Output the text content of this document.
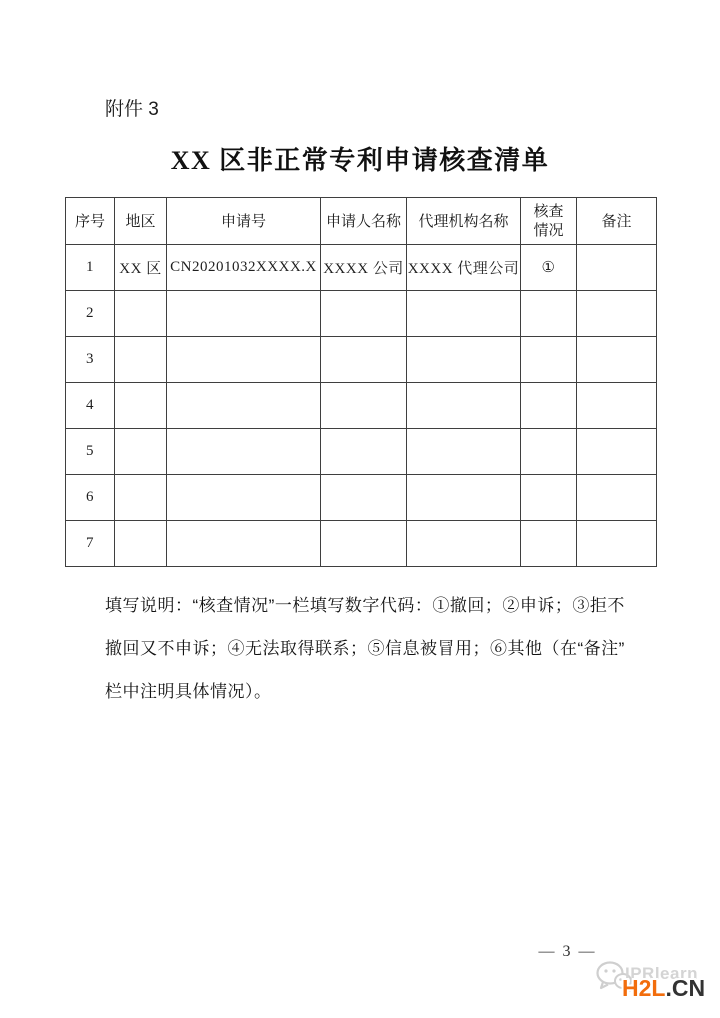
附件 3
XX 区非正常专利申请核查清单
序号	地区	申请号	申请人名称	代理机构名称	核查情况	备注
1	XX 区	CN20201032XXXX.X	XXXX 公司	XXXX 代理公司	①	
2						
3						
4						
5						
6						
7						
填写说明：“核查情况”一栏填写数字代码：①撤回；②申诉；③拒不
撤回又不申诉；④无法取得联系；⑤信息被冒用；⑥其他（在“备注”
栏中注明具体情况）。
— 3 —
IPRlearn
H2L.CN
